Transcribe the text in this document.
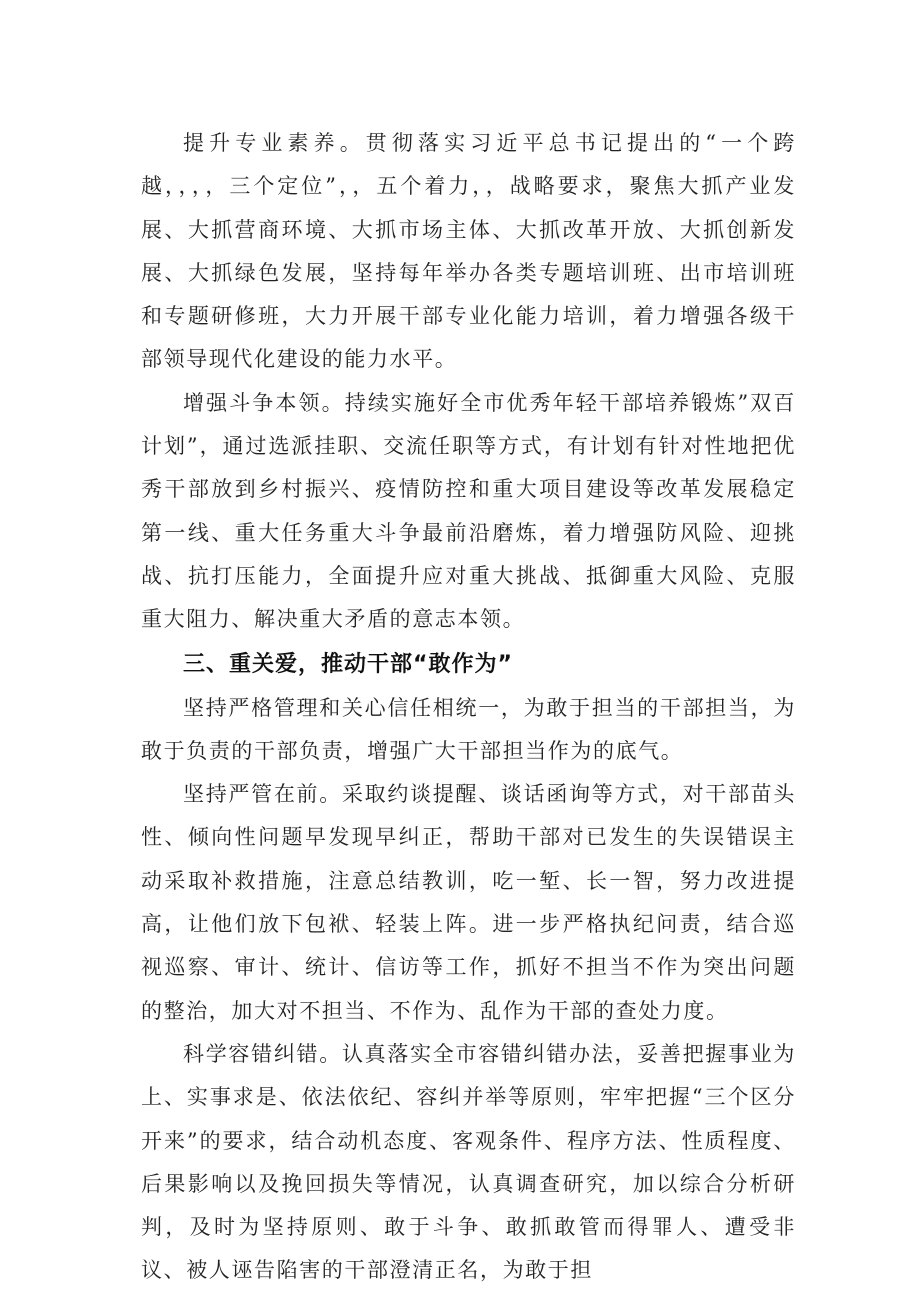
提升专业素养。贯彻落实习近平总书记提出的“一个跨越，，，，三个定位”，，五个着力，，战略要求，聚焦大抓产业发展、大抓营商环境、大抓市场主体、大抓改革开放、大抓创新发展、大抓绿色发展，坚持每年举办各类专题培训班、出市培训班和专题研修班，大力开展干部专业化能力培训，着力增强各级干部领导现代化建设的能力水平。

增强斗争本领。持续实施好全市优秀年轻干部培养锻炼”双百计划”，通过选派挂职、交流任职等方式，有计划有针对性地把优秀干部放到乡村振兴、疫情防控和重大项目建设等改革发展稳定第一线、重大任务重大斗争最前沿磨炼，着力增强防风险、迎挑战、抗打压能力，全面提升应对重大挑战、抵御重大风险、克服重大阻力、解决重大矛盾的意志本领。

三、重关爱，推动干部“敢作为”

坚持严格管理和关心信任相统一，为敢于担当的干部担当，为敢于负责的干部负责，增强广大干部担当作为的底气。

坚持严管在前。采取约谈提醒、谈话函询等方式，对干部苗头性、倾向性问题早发现早纠正，帮助干部对已发生的失误错误主动采取补救措施，注意总结教训，吃一堑、长一智，努力改进提高，让他们放下包袱、轻装上阵。进一步严格执纪问责，结合巡视巡察、审计、统计、信访等工作，抓好不担当不作为突出问题的整治，加大对不担当、不作为、乱作为干部的查处力度。

科学容错纠错。认真落实全市容错纠错办法，妥善把握事业为上、实事求是、依法依纪、容纠并举等原则，牢牢把握“三个区分开来”的要求，结合动机态度、客观条件、程序方法、性质程度、后果影响以及挽回损失等情况，认真调查研究，加以综合分析研判，及时为坚持原则、敢于斗争、敢抓敢管而得罪人、遭受非议、被人诬告陷害的干部澄清正名，为敢于担
